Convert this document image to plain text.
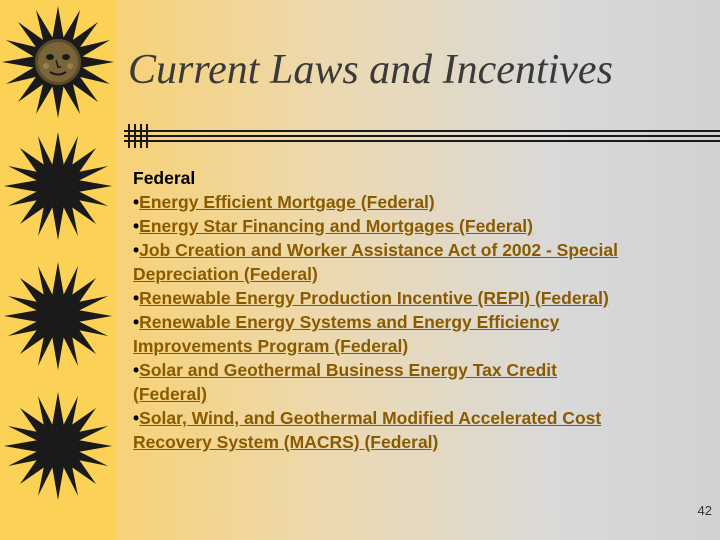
Current Laws and Incentives
Federal
•Energy Efficient Mortgage (Federal)
•Energy Star Financing and Mortgages (Federal)
•Job Creation and Worker Assistance Act of 2002 - Special Depreciation (Federal)
•Renewable Energy Production Incentive (REPI) (Federal)
•Renewable Energy Systems and Energy Efficiency Improvements Program (Federal)
•Solar and Geothermal Business Energy Tax Credit (Federal)
•Solar, Wind, and Geothermal Modified Accelerated Cost Recovery System (MACRS) (Federal)
42
